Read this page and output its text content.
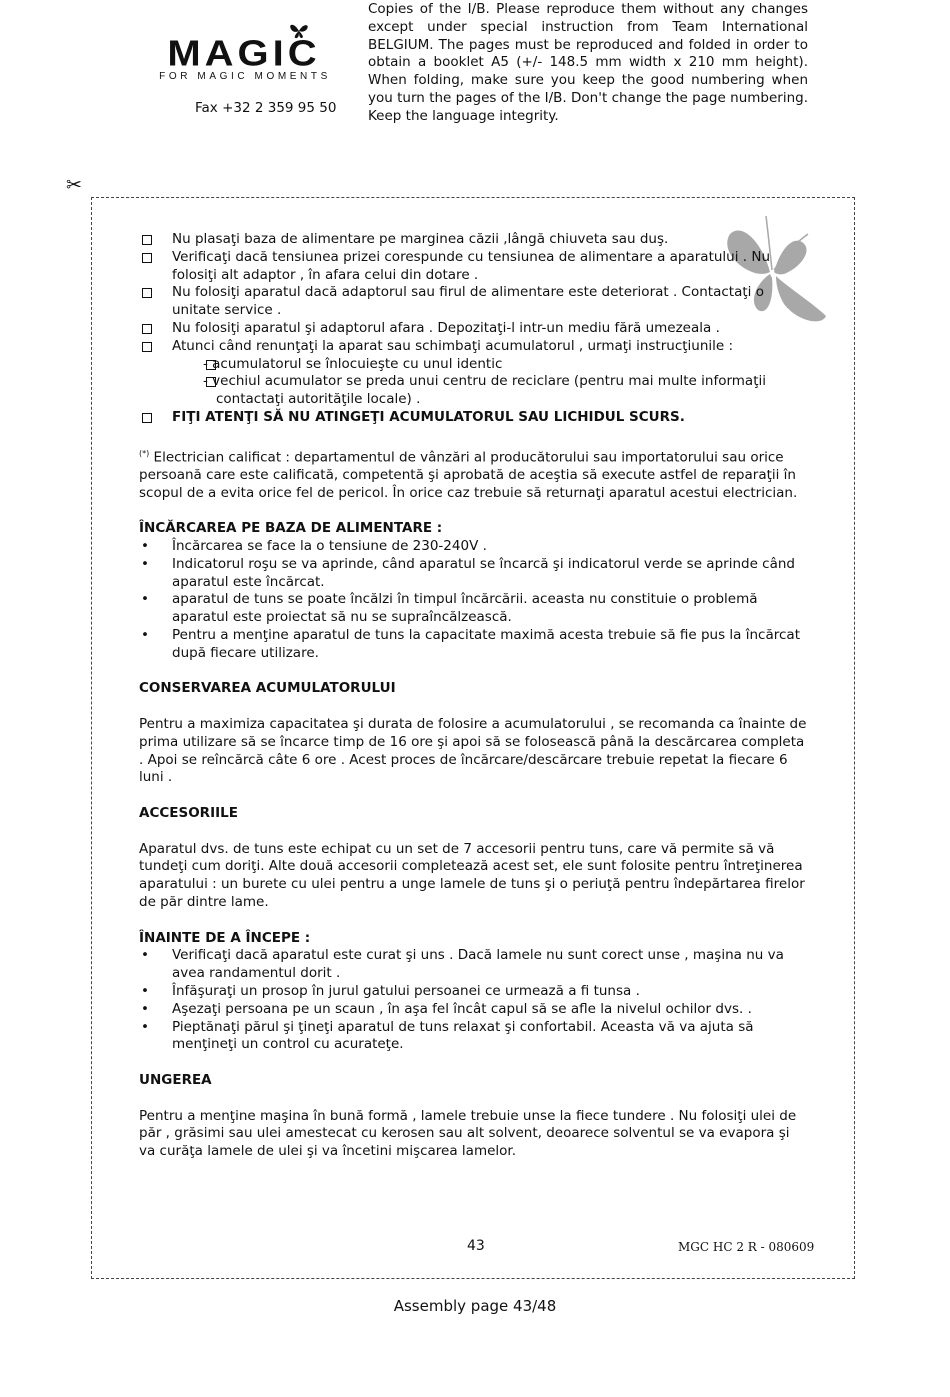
MAGIC
FOR MAGIC MOMENTS
Fax +32 2 359 95 50
Copies of the I/B. Please reproduce them without any changes except under special instruction from Team International BELGIUM. The pages must be reproduced and folded in order to obtain a booklet A5 (+/- 148.5 mm width x 210 mm height). When folding, make sure you keep the good numbering when you turn the pages of the I/B. Don't change the page numbering. Keep the language integrity.
✂
Nu plasaţi baza de alimentare pe marginea căzii ,lângă chiuveta sau duş.
Verificaţi dacă tensiunea prizei corespunde cu tensiunea de alimentare a aparatului . Nu folosiţi alt adaptor , în afara celui din dotare .
Nu folosiţi aparatul dacă adaptorul sau firul de alimentare este deteriorat . Contactaţi o unitate service .
Nu folosiţi aparatul şi adaptorul afara . Depozitaţi-l intr-un mediu fără umezeala .
Atunci când renunţaţi la aparat sau schimbaţi acumulatorul , urmaţi instrucţiunile :
- acumulatorul se înlocuieşte cu unul identic
- vechiul acumulator se preda unui centru de reciclare (pentru mai multe informaţii contactaţi autorităţile locale) .
FIŢI ATENŢI SĂ NU ATINGEŢI ACUMULATORUL SAU LICHIDUL SCURS.

(*) Electrician calificat : departamentul de vânzări al producătorului sau importatorului sau orice persoană care este calificată, competentă şi aprobată de aceştia să execute astfel de reparaţii în scopul de a evita orice fel de pericol. În orice caz trebuie să returnaţi aparatul acestui electrician.

ÎNCĂRCAREA PE BAZA DE ALIMENTARE :

• Încărcarea se face la o tensiune de 230-240V .
• Indicatorul roşu se va aprinde, când aparatul se încarcă şi indicatorul verde se aprinde când aparatul este încărcat.
• aparatul de tuns se poate încălzi în timpul încărcării. aceasta nu constituie o problemă aparatul este proiectat să nu se supraîncălzească.
• Pentru a menţine aparatul de tuns la capacitate maximă acesta trebuie să fie pus la încărcat după fiecare utilizare.

CONSERVAREA ACUMULATORULUI

Pentru a maximiza capacitatea şi durata de folosire a acumulatorului , se recomanda ca înainte de prima utilizare să se încarce timp de 16 ore şi apoi să se folosească până la descărcarea completa . Apoi se reîncărcă câte 6 ore . Acest proces de încărcare/descărcare trebuie repetat la fiecare 6 luni .

ACCESORIILE

Aparatul dvs. de tuns este echipat cu un set de 7 accesorii pentru tuns, care vă permite să vă tundeţi cum doriţi. Alte două accesorii completează acest set, ele sunt folosite pentru întreţinerea aparatului : un burete cu ulei pentru a unge lamele de tuns şi o periuţă pentru îndepărtarea firelor de păr dintre lame.

ÎNAINTE DE A ÎNCEPE :

• Verificaţi dacă aparatul este curat şi uns . Dacă lamele nu sunt corect unse , maşina nu va avea randamentul dorit .
• Înfăşuraţi un prosop în jurul gatului persoanei ce urmează a fi tunsa .
• Aşezaţi persoana pe un scaun , în aşa fel încât capul să se afle la nivelul ochilor dvs. .
• Pieptănaţi părul şi ţineţi aparatul de tuns relaxat şi confortabil. Aceasta vă va ajuta să menţineţi un control cu acurateţe.

UNGEREA

Pentru a menţine maşina în bună formă , lamele trebuie unse la fiece tundere . Nu folosiţi ulei de păr , grăsimi sau ulei amestecat cu kerosen sau alt solvent, deoarece solventul se va evapora şi va curăţa lamele de ulei şi va încetini mişcarea lamelor.

43	MGC HC 2 R - 080609
Assembly page 43/48
